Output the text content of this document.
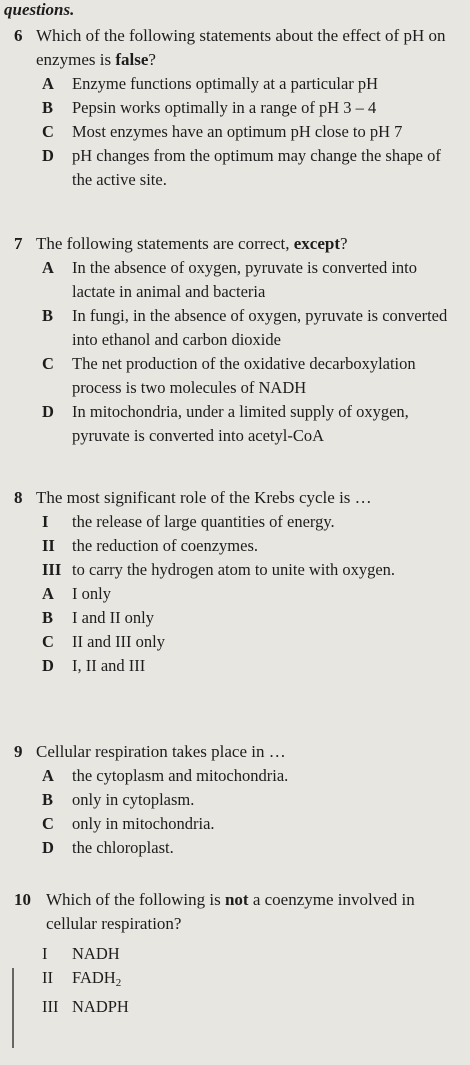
questions.
6 Which of the following statements about the effect of pH on enzymes is false?
A Enzyme functions optimally at a particular pH
B Pepsin works optimally in a range of pH 3 – 4
C Most enzymes have an optimum pH close to pH 7
D pH changes from the optimum may change the shape of the active site.
7 The following statements are correct, except?
A In the absence of oxygen, pyruvate is converted into lactate in animal and bacteria
B In fungi, in the absence of oxygen, pyruvate is converted into ethanol and carbon dioxide
C The net production of the oxidative decarboxylation process is two molecules of NADH
D In mitochondria, under a limited supply of oxygen, pyruvate is converted into acetyl-CoA
8 The most significant role of the Krebs cycle is …
I the release of large quantities of energy.
II the reduction of coenzymes.
III to carry the hydrogen atom to unite with oxygen.
A I only
B I and II only
C II and III only
D I, II and III
9 Cellular respiration takes place in …
A the cytoplasm and mitochondria.
B only in cytoplasm.
C only in mitochondria.
D the chloroplast.
10 Which of the following is not a coenzyme involved in cellular respiration?
I NADH
II $FADH_2$
III NADPH
